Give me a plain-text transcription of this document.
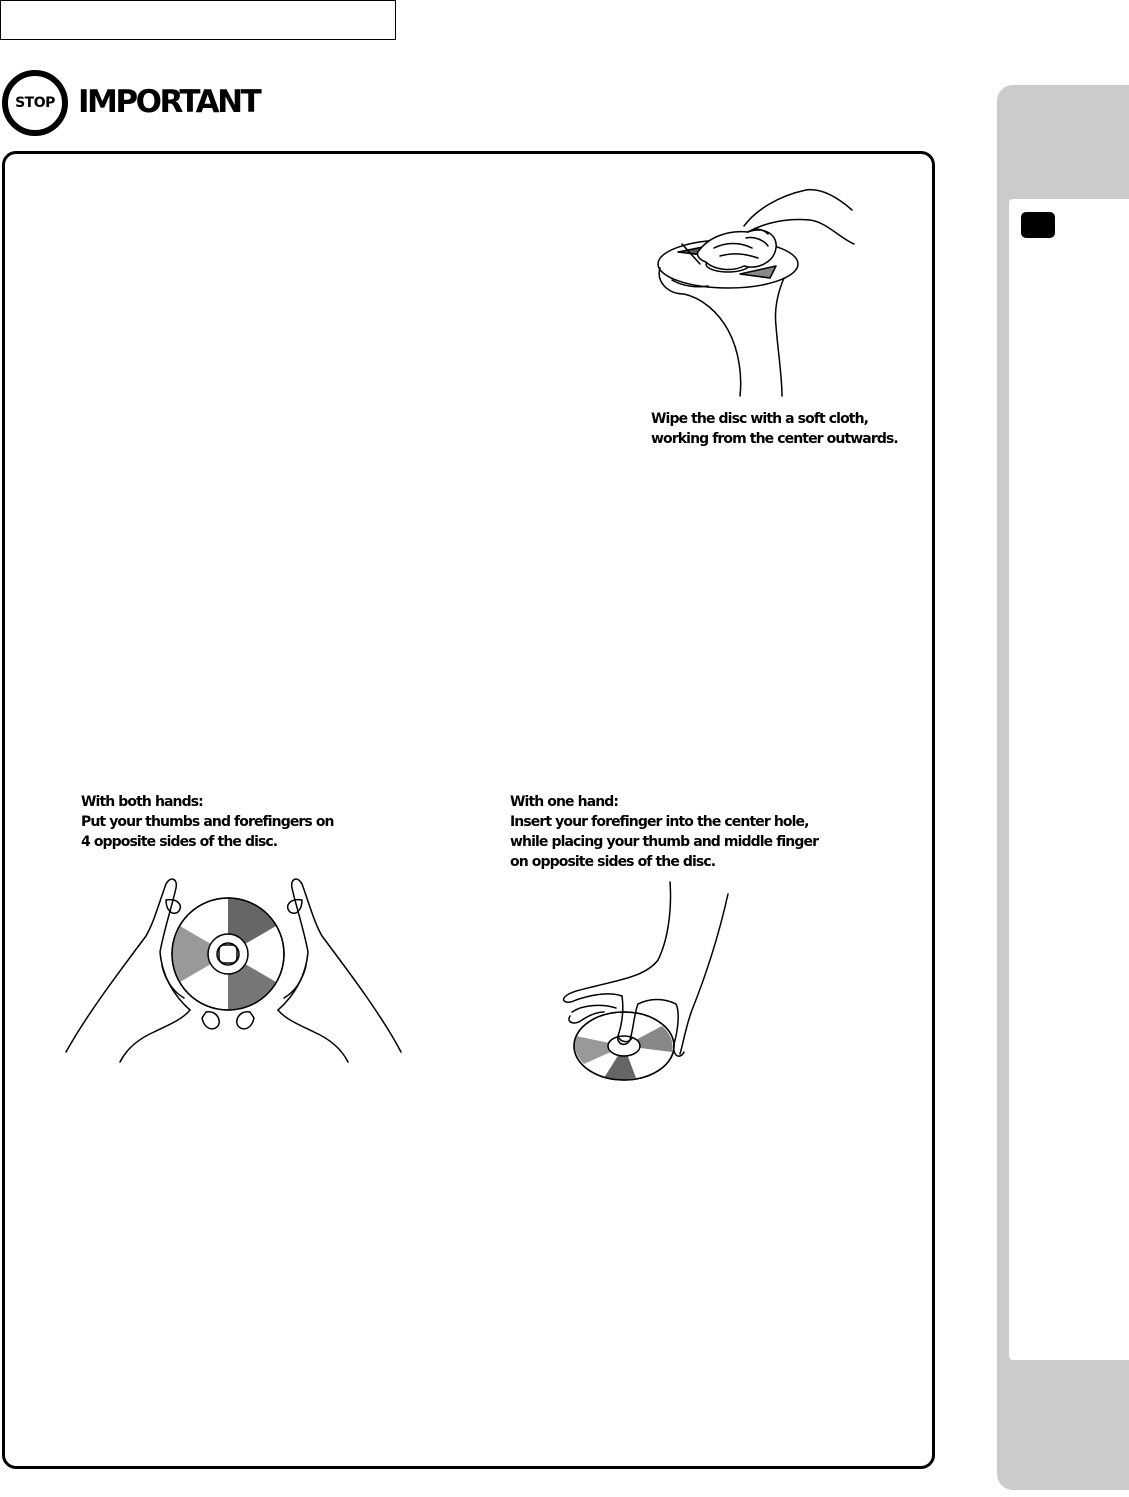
STOP IMPORTANT

Wipe the disc with a soft cloth,
working from the center outwards.

With both hands:
Put your thumbs and forefingers on
4 opposite sides of the disc.

With one hand:
Insert your forefinger into the center hole,
while placing your thumb and middle finger
on opposite sides of the disc.
